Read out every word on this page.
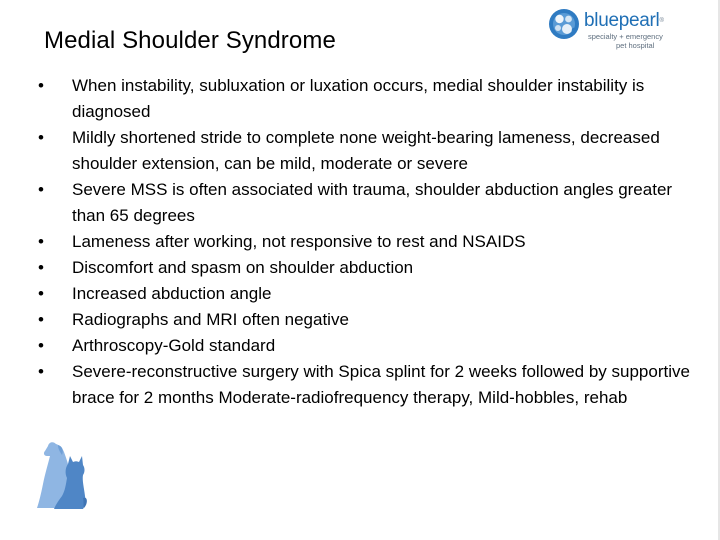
Medial Shoulder Syndrome
bluepearl®
specialty + emergency
pet hospital
• When instability, subluxation or luxation occurs, medial shoulder instability is diagnosed
• Mildly shortened stride to complete none weight-bearing lameness, decreased shoulder extension, can be mild, moderate or severe
• Severe MSS is often associated with trauma, shoulder abduction angles greater than 65 degrees
• Lameness after working, not responsive to rest and NSAIDS
• Discomfort and spasm on shoulder abduction
• Increased abduction angle
• Radiographs and MRI often negative
• Arthroscopy-Gold standard
• Severe-reconstructive surgery with Spica splint for 2 weeks followed by supportive brace for 2 months Moderate-radiofrequency therapy, Mild-hobbles, rehab
